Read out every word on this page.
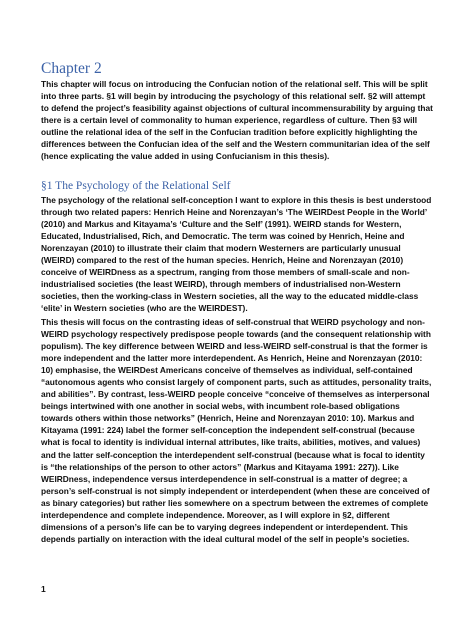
Chapter 2

This chapter will focus on introducing the Confucian notion of the relational self. This will be split into three parts. §1 will begin by introducing the psychology of this relational self. §2 will attempt to defend the project’s feasibility against objections of cultural incommensurability by arguing that there is a certain level of commonality to human experience, regardless of culture. Then §3 will outline the relational idea of the self in the Confucian tradition before explicitly highlighting the differences between the Confucian idea of the self and the Western communitarian idea of the self (hence explicating the value added in using Confucianism in this thesis).

§1 The Psychology of the Relational Self

The psychology of the relational self-conception I want to explore in this thesis is best understood through two related papers: Henrich Heine and Norenzayan’s ‘The WEIRDest People in the World’ (2010) and Markus and Kitayama’s ‘Culture and the Self’ (1991). WEIRD stands for Western, Educated, Industrialised, Rich, and Democratic. The term was coined by Henrich, Heine and Norenzayan (2010) to illustrate their claim that modern Westerners are particularly unusual (WEIRD) compared to the rest of the human species. Henrich, Heine and Norenzayan (2010) conceive of WEIRDness as a spectrum, ranging from those members of small-scale and non-industrialised societies (the least WEIRD), through members of industrialised non-Western societies, then the working-class in Western societies, all the way to the educated middle-class ‘elite’ in Western societies (who are the WEIRDEST).

This thesis will focus on the contrasting ideas of self-construal that WEIRD psychology and non-WEIRD psychology respectively predispose people towards (and the consequent relationship with populism). The key difference between WEIRD and less-WEIRD self-construal is that the former is more independent and the latter more interdependent. As Henrich, Heine and Norenzayan (2010: 10) emphasise, the WEIRDest Americans conceive of themselves as individual, self-contained “autonomous agents who consist largely of component parts, such as attitudes, personality traits, and abilities”. By contrast, less-WEIRD people conceive “conceive of themselves as interpersonal beings intertwined with one another in social webs, with incumbent role-based obligations towards others within those networks” (Henrich, Heine and Norenzayan 2010: 10). Markus and Kitayama (1991: 224) label the former self-conception the independent self-construal (because what is focal to identity is individual internal attributes, like traits, abilities, motives, and values) and the latter self-conception the interdependent self-construal (because what is focal to identity is “the relationships of the person to other actors” (Markus and Kitayama 1991: 227)). Like WEIRDness, independence versus interdependence in self-construal is a matter of degree; a person’s self-construal is not simply independent or interdependent (when these are conceived of as binary categories) but rather lies somewhere on a spectrum between the extremes of complete interdependence and complete independence. Moreover, as I will explore in §2, different dimensions of a person’s life can be to varying degrees independent or interdependent. This depends partially on interaction with the ideal cultural model of the self in people’s societies.

1
